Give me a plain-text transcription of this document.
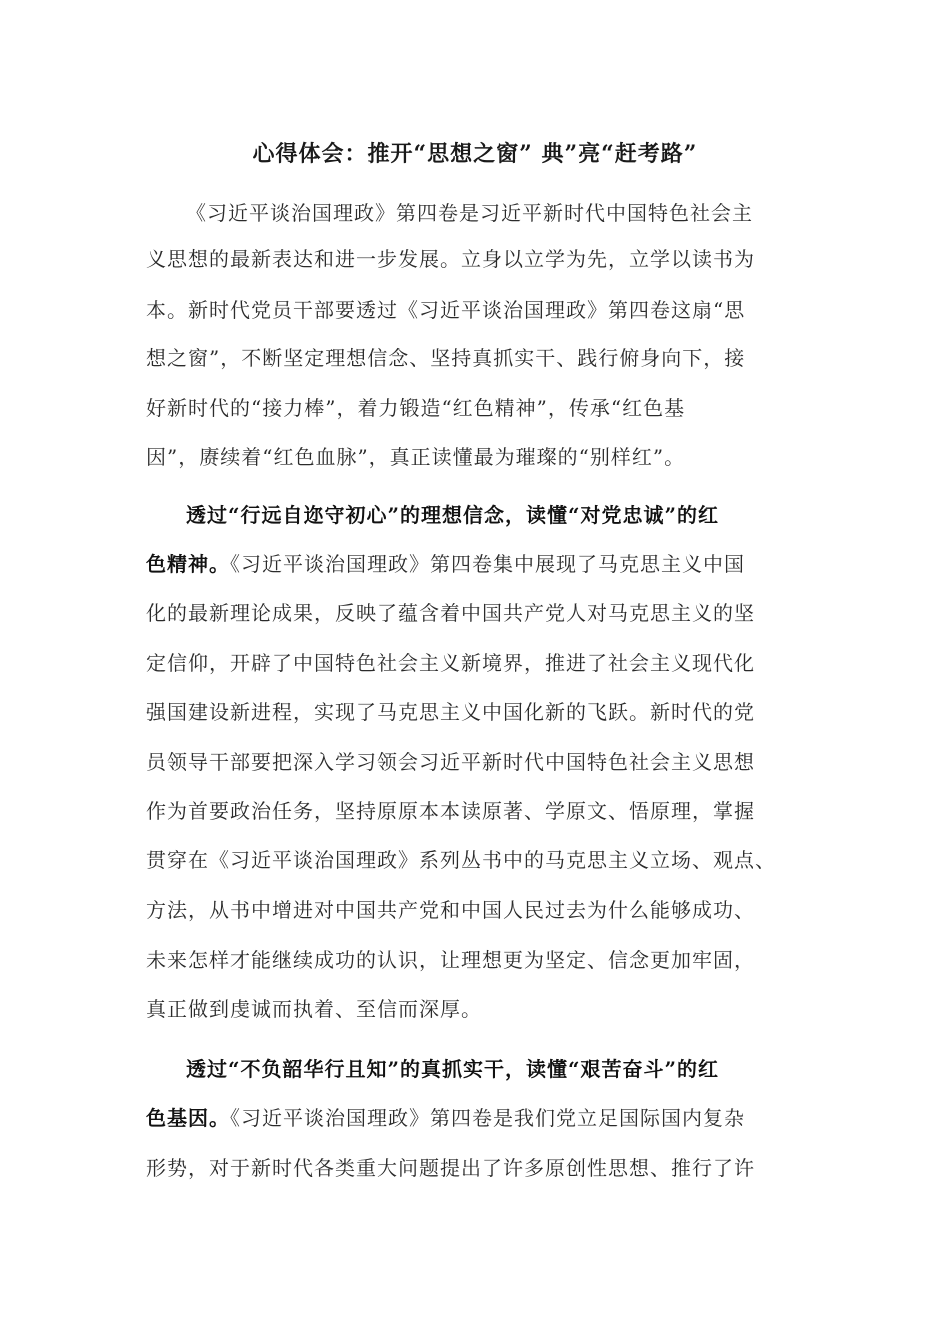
心得体会：推开“思想之窗” 典”亮“赶考路”
《习近平谈治国理政》第四卷是习近平新时代中国特色社会主
义思想的最新表达和进一步发展。立身以立学为先，立学以读书为
本。新时代党员干部要透过《习近平谈治国理政》第四卷这扇“思
想之窗”，不断坚定理想信念、坚持真抓实干、践行俯身向下，接
好新时代的“接力棒”，着力锻造“红色精神”，传承“红色基
因”，赓续着“红色血脉”，真正读懂最为璀璨的“别样红”。
透过“行远自迩守初心”的理想信念，读懂“对党忠诚”的红
色精神。《习近平谈治国理政》第四卷集中展现了马克思主义中国
化的最新理论成果，反映了蕴含着中国共产党人对马克思主义的坚
定信仰，开辟了中国特色社会主义新境界，推进了社会主义现代化
强国建设新进程，实现了马克思主义中国化新的飞跃。新时代的党
员领导干部要把深入学习领会习近平新时代中国特色社会主义思想
作为首要政治任务，坚持原原本本读原著、学原文、悟原理，掌握
贯穿在《习近平谈治国理政》系列丛书中的马克思主义立场、观点、
方法，从书中增进对中国共产党和中国人民过去为什么能够成功、
未来怎样才能继续成功的认识，让理想更为坚定、信念更加牢固，
真正做到虔诚而执着、至信而深厚。
透过“不负韶华行且知”的真抓实干，读懂“艰苦奋斗”的红
色基因。《习近平谈治国理政》第四卷是我们党立足国际国内复杂
形势，对于新时代各类重大问题提出了许多原创性思想、推行了许
